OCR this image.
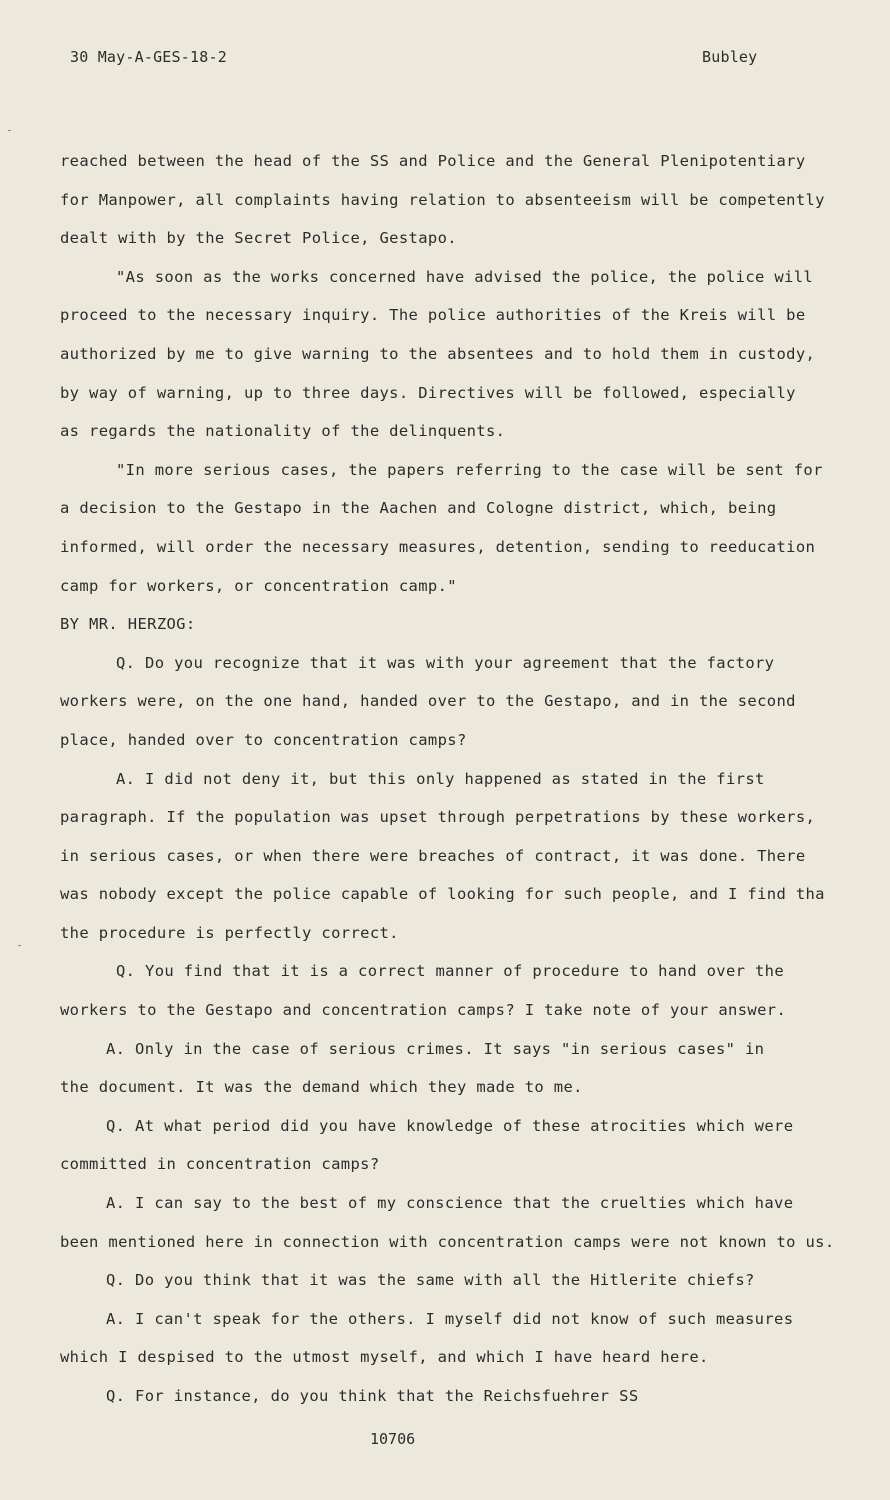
30 May-A-GES-18-2	Bubley
reached between the head of the SS and Police and the General Plenipotentiary
for Manpower, all complaints having relation to absenteeism will be competently
dealt with by the Secret Police, Gestapo.
"As soon as the works concerned have advised the police, the police will
proceed to the necessary inquiry. The police authorities of the Kreis will be
authorized by me to give warning to the absentees and to hold them in custody,
by way of warning, up to three days. Directives will be followed, especially
as regards the nationality of the delinquents.
"In more serious cases, the papers referring to the case will be sent for
a decision to the Gestapo in the Aachen and Cologne district, which, being
informed, will order the necessary measures, detention, sending to reeducation
camp for workers, or concentration camp."
BY MR. HERZOG:
Q. Do you recognize that it was with your agreement that the factory
workers were, on the one hand, handed over to the Gestapo, and in the second
place, handed over to concentration camps?
A. I did not deny it, but this only happened as stated in the first
paragraph. If the population was upset through perpetrations by these workers,
in serious cases, or when there were breaches of contract, it was done. There
was nobody except the police capable of looking for such people, and I find tha
the procedure is perfectly correct.
Q. You find that it is a correct manner of procedure to hand over the
workers to the Gestapo and concentration camps? I take note of your answer.
A. Only in the case of serious crimes. It says "in serious cases" in
the document. It was the demand which they made to me.
Q. At what period did you have knowledge of these atrocities which were
committed in concentration camps?
A. I can say to the best of my conscience that the cruelties which have
been mentioned here in connection with concentration camps were not known to us.
Q. Do you think that it was the same with all the Hitlerite chiefs?
A. I can't speak for the others. I myself did not know of such measures
which I despised to the utmost myself, and which I have heard here.
Q. For instance, do you think that the Reichsfuehrer SS
10706
